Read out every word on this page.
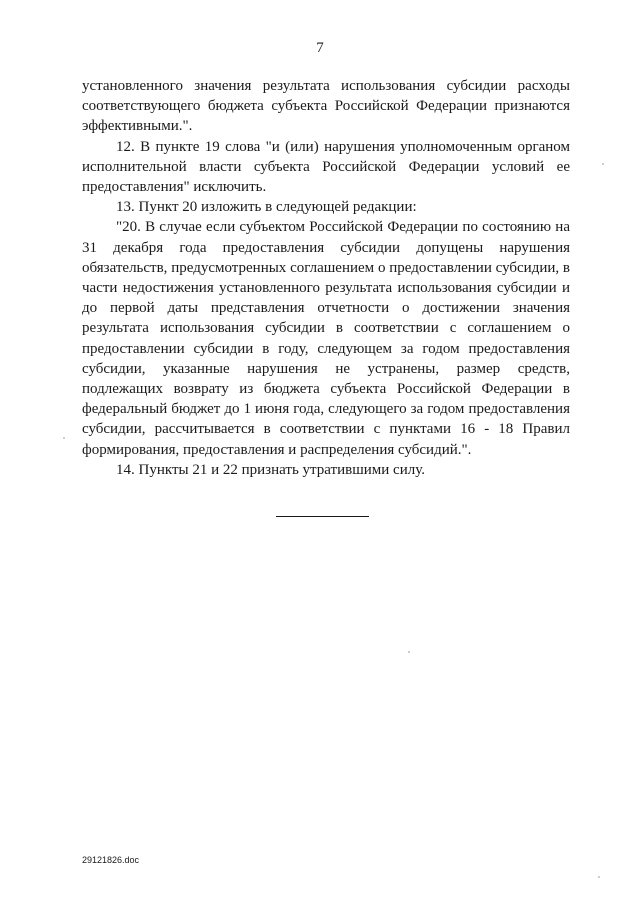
7

установленного значения результата использования субсидии расходы соответствующего бюджета субъекта Российской Федерации признаются эффективными.".

12. В пункте 19 слова "и (или) нарушения уполномоченным органом исполнительной власти субъекта Российской Федерации условий ее предоставления" исключить.

13. Пункт 20 изложить в следующей редакции:

"20. В случае если субъектом Российской Федерации по состоянию на 31 декабря года предоставления субсидии допущены нарушения обязательств, предусмотренных соглашением о предоставлении субсидии, в части недостижения установленного результата использования субсидии и до первой даты представления отчетности о достижении значения результата использования субсидии в соответствии с соглашением о предоставлении субсидии в году, следующем за годом предоставления субсидии, указанные нарушения не устранены, размер средств, подлежащих возврату из бюджета субъекта Российской Федерации в федеральный бюджет до 1 июня года, следующего за годом предоставления субсидии, рассчитывается в соответствии с пунктами 16 - 18 Правил формирования, предоставления и распределения субсидий.".

14. Пункты 21 и 22 признать утратившими силу.

29121826.doc
